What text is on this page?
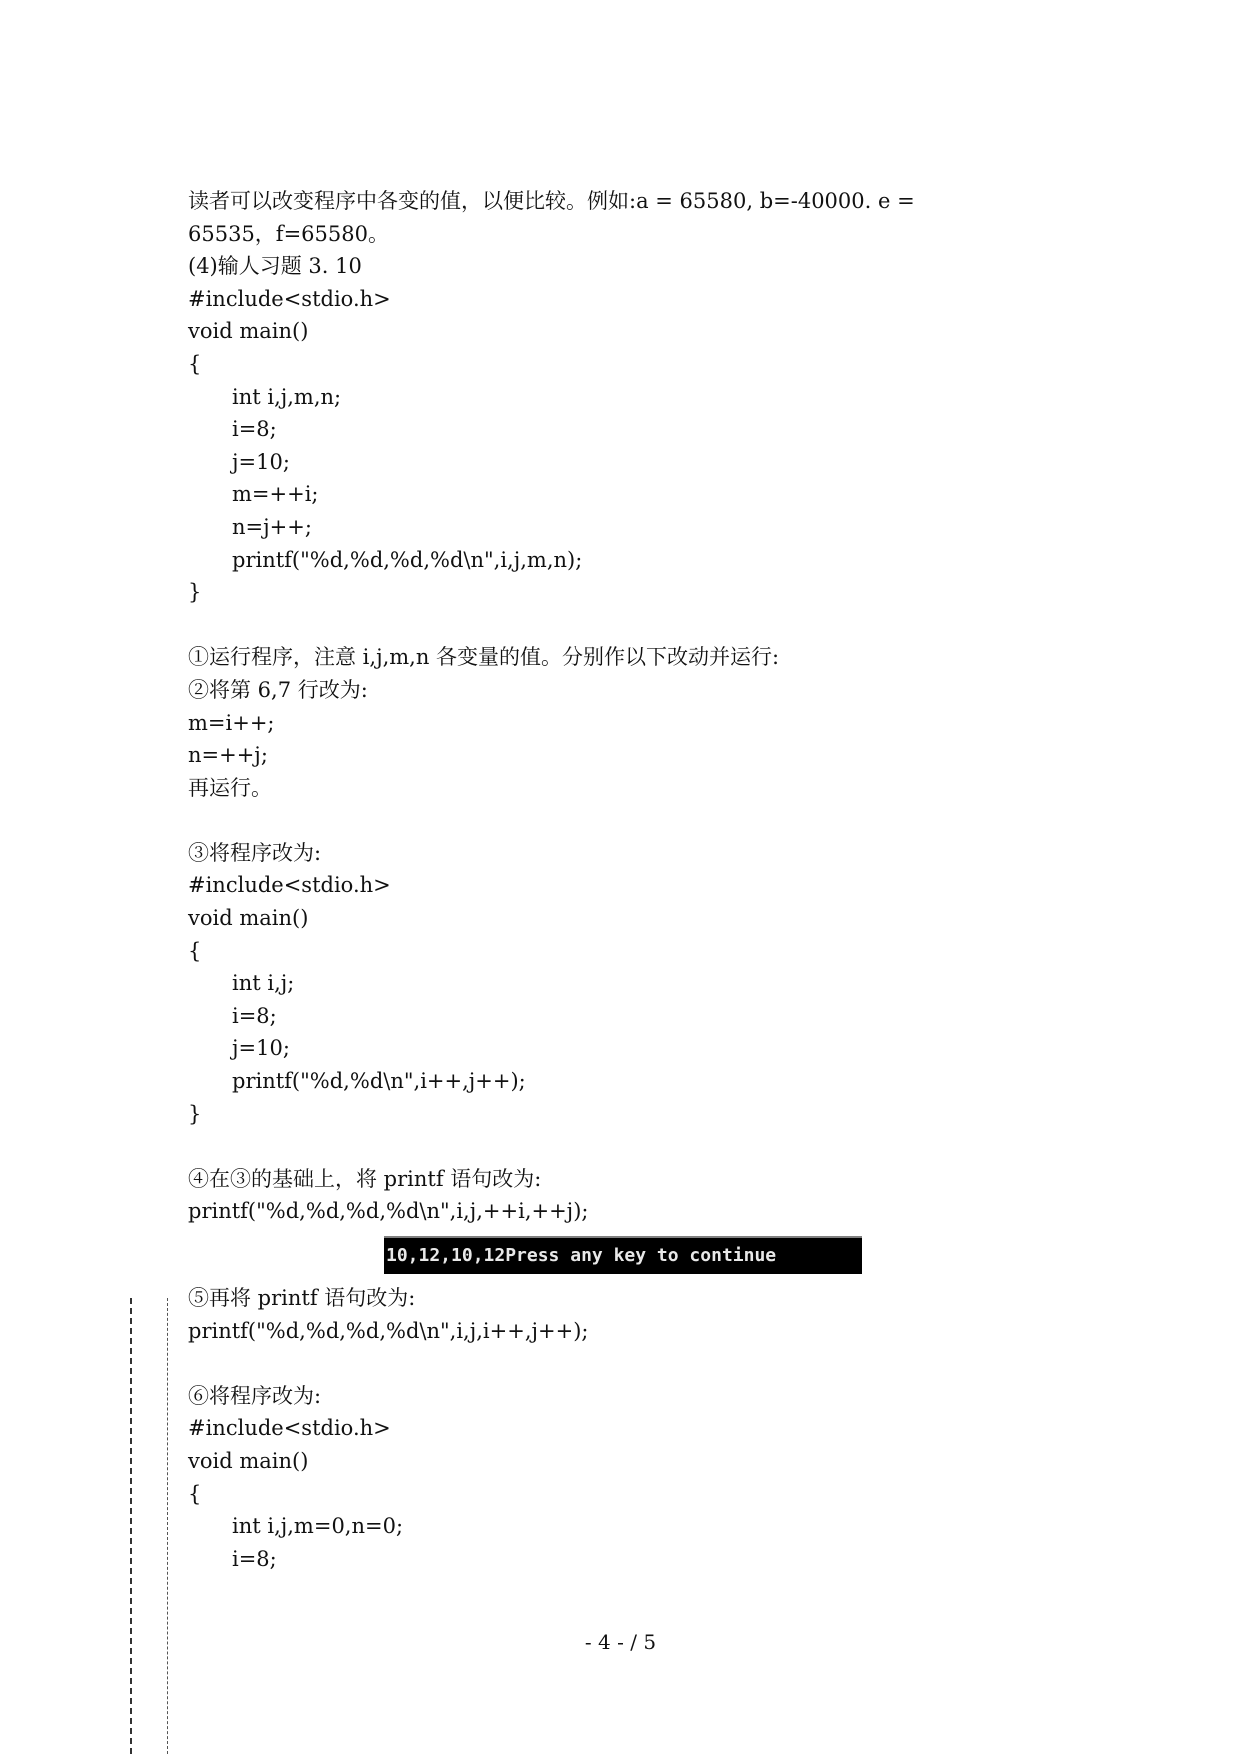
读者可以改变程序中各变的值，以便比较。例如:a = 65580, b=-40000. e =
65535，f=65580。
(4)输人习题 3. 10
#include<stdio.h>
void main()
{
int i,j,m,n;
i=8;
j=10;
m=++i;
n=j++;
printf("%d,%d,%d,%d\n",i,j,m,n);
}
①运行程序，注意 i,j,m,n 各变量的值。分别作以下改动并运行:
②将第 6,7 行改为:
m=i++;
n=++j;
再运行。
③将程序改为:
#include<stdio.h>
void main()
{
int i,j;
i=8;
j=10;
printf("%d,%d\n",i++,j++);
}
④在③的基础上，将 printf 语句改为:
printf("%d,%d,%d,%d\n",i,j,++i,++j);
10,12,10,12Press any key to continue
⑤再将 printf 语句改为:
printf("%d,%d,%d,%d\n",i,j,i++,j++);
⑥将程序改为:
#include<stdio.h>
void main()
{
int i,j,m=0,n=0;
i=8;
- 4 - / 5
